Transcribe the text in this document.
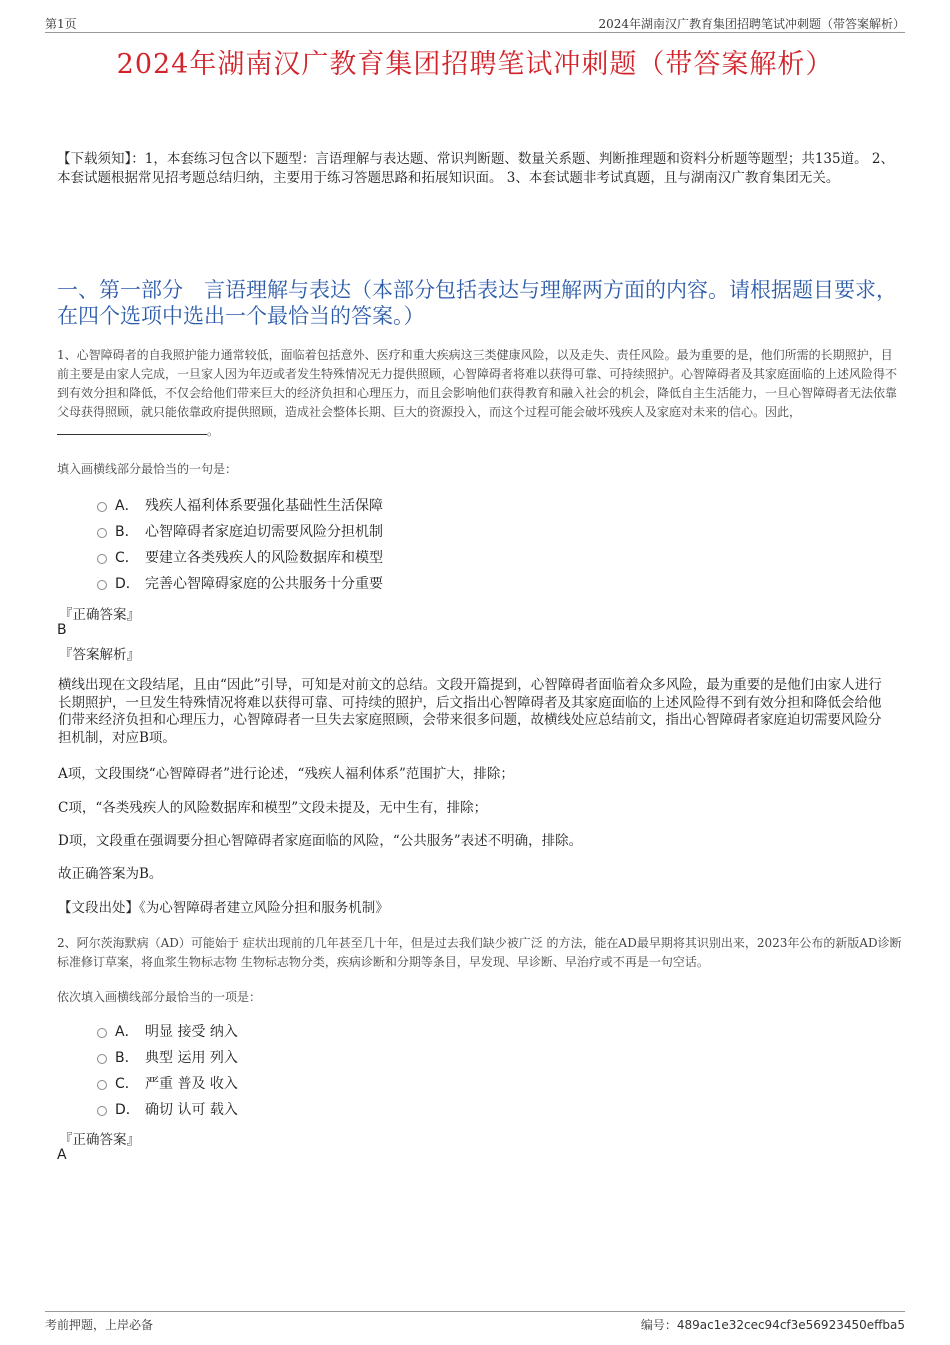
第1页	2024年湖南汉广教育集团招聘笔试冲刺题（带答案解析）
2024年湖南汉广教育集团招聘笔试冲刺题（带答案解析）
【下载须知】：1，本套练习包含以下题型：言语理解与表达题、常识判断题、数量关系题、判断推理题和资料分析题等题型；共135道。 2、本套试题根据常见招考题总结归纳，主要用于练习答题思路和拓展知识面。 3、本套试题非考试真题，且与湖南汉广教育集团无关。
一、第一部分　言语理解与表达（本部分包括表达与理解两方面的内容。请根据题目要求，在四个选项中选出一个最恰当的答案。）
1、心智障碍者的自我照护能力通常较低，面临着包括意外、医疗和重大疾病这三类健康风险，以及走失、责任风险。最为重要的是，他们所需的长期照护，目前主要是由家人完成，一旦家人因为年迈或者发生特殊情况无力提供照顾，心智障碍者将难以获得可靠、可持续照护。心智障碍者及其家庭面临的上述风险得不到有效分担和降低，不仅会给他们带来巨大的经济负担和心理压力，而且会影响他们获得教育和融入社会的机会，降低自主生活能力，一旦心智障碍者无法依靠父母获得照顾，就只能依靠政府提供照顾，造成社会整体长期、巨大的资源投入，而这个过程可能会破坏残疾人及家庭对未来的信心。因此，。
填入画横线部分最恰当的一句是：
A． 残疾人福利体系要强化基础性生活保障
B． 心智障碍者家庭迫切需要风险分担机制
C． 要建立各类残疾人的风险数据库和模型
D． 完善心智障碍家庭的公共服务十分重要
『正确答案』
B
『答案解析』
横线出现在文段结尾，且由“因此”引导，可知是对前文的总结。文段开篇提到，心智障碍者面临着众多风险，最为重要的是他们由家人进行长期照护，一旦发生特殊情况将难以获得可靠、可持续的照护，后文指出心智障碍者及其家庭面临的上述风险得不到有效分担和降低会给他们带来经济负担和心理压力，心智障碍者一旦失去家庭照顾，会带来很多问题，故横线处应总结前文，指出心智障碍者家庭迫切需要风险分担机制，对应B项。
A项，文段围绕“心智障碍者”进行论述，“残疾人福利体系”范围扩大，排除；
C项，“各类残疾人的风险数据库和模型”文段未提及，无中生有，排除；
D项，文段重在强调要分担心智障碍者家庭面临的风险，“公共服务”表述不明确，排除。
故正确答案为B。
【文段出处】《为心智障碍者建立风险分担和服务机制》
2、阿尔茨海默病（AD）可能始于 症状出现前的几年甚至几十年，但是过去我们缺少被广泛 的方法，能在AD最早期将其识别出来，2023年公布的新版AD诊断标准修订草案，将血浆生物标志物 生物标志物分类，疾病诊断和分期等条目，早发现、早诊断、早治疗或不再是一句空话。
依次填入画横线部分最恰当的一项是：
A． 明显 接受 纳入
B． 典型 运用 列入
C． 严重 普及 收入
D． 确切 认可 载入
『正确答案』
A
考前押题，上岸必备	编号：489ac1e32cec94cf3e56923450effba5
